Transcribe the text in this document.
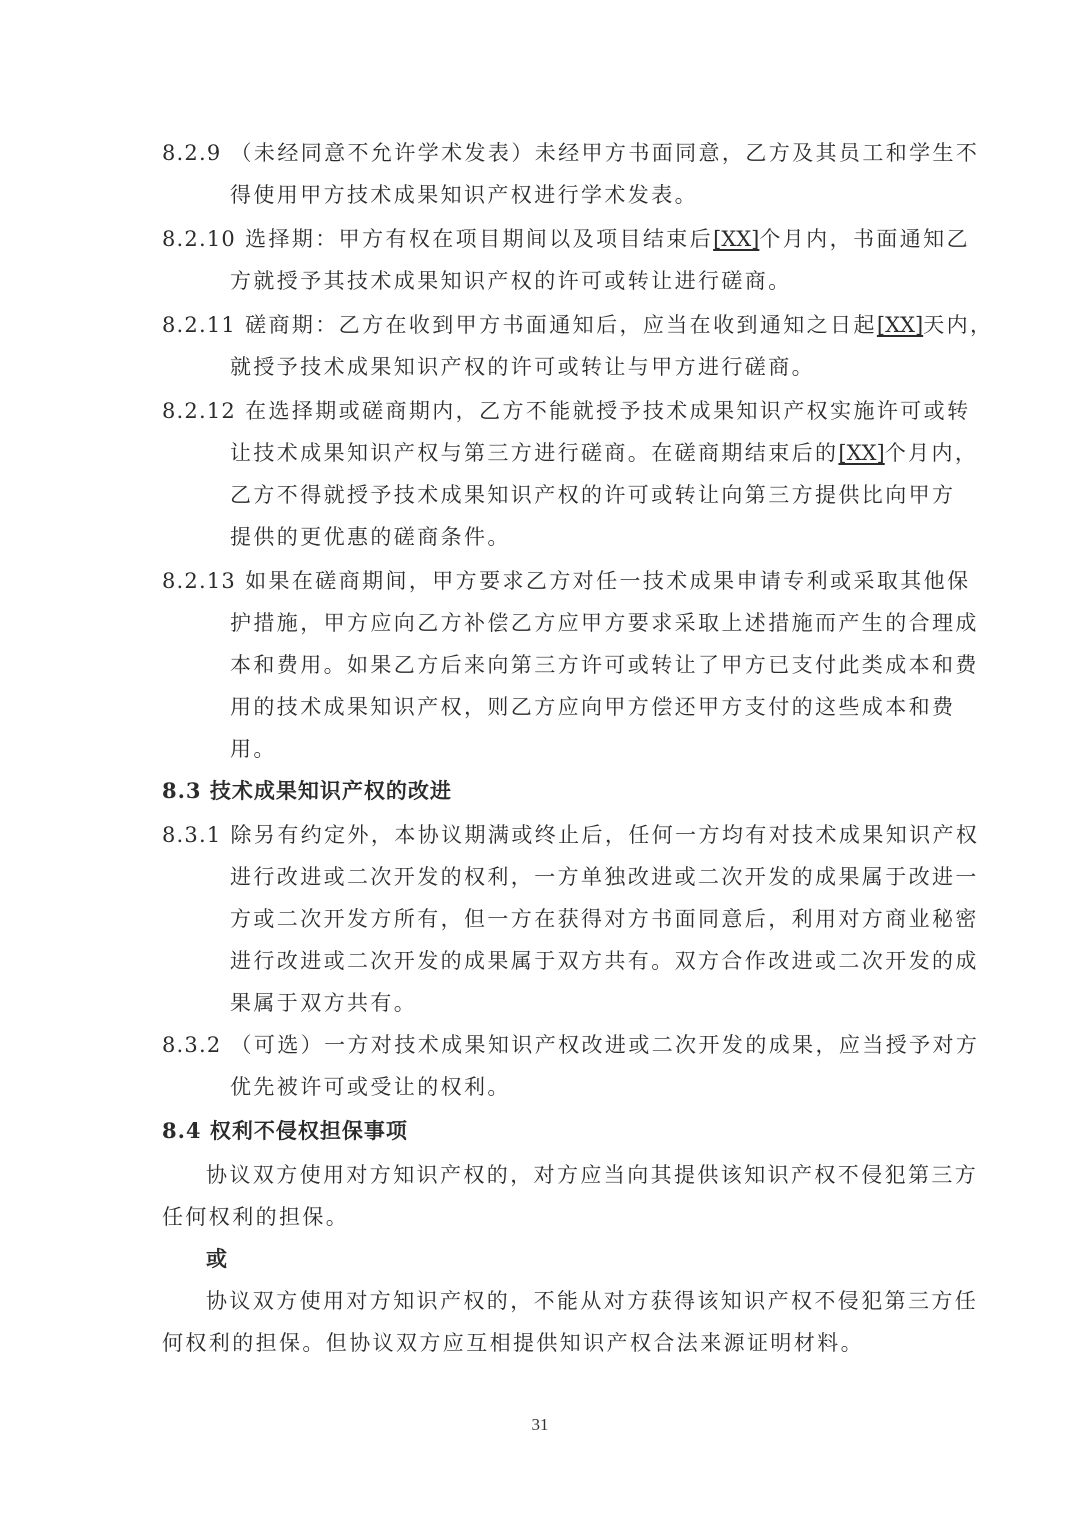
8.2.9 （未经同意不允许学术发表）未经甲方书面同意，乙方及其员工和学生不
得使用甲方技术成果知识产权进行学术发表。
8.2.10 选择期：甲方有权在项目期间以及项目结束后[XX]个月内，书面通知乙
方就授予其技术成果知识产权的许可或转让进行磋商。
8.2.11 磋商期：乙方在收到甲方书面通知后，应当在收到通知之日起[XX]天内，
就授予技术成果知识产权的许可或转让与甲方进行磋商。
8.2.12 在选择期或磋商期内，乙方不能就授予技术成果知识产权实施许可或转
让技术成果知识产权与第三方进行磋商。在磋商期结束后的[XX]个月内，
乙方不得就授予技术成果知识产权的许可或转让向第三方提供比向甲方
提供的更优惠的磋商条件。
8.2.13 如果在磋商期间，甲方要求乙方对任一技术成果申请专利或采取其他保
护措施，甲方应向乙方补偿乙方应甲方要求采取上述措施而产生的合理成
本和费用。如果乙方后来向第三方许可或转让了甲方已支付此类成本和费
用的技术成果知识产权，则乙方应向甲方偿还甲方支付的这些成本和费
用。
8.3 技术成果知识产权的改进
8.3.1 除另有约定外，本协议期满或终止后，任何一方均有对技术成果知识产权
进行改进或二次开发的权利，一方单独改进或二次开发的成果属于改进一
方或二次开发方所有，但一方在获得对方书面同意后，利用对方商业秘密
进行改进或二次开发的成果属于双方共有。双方合作改进或二次开发的成
果属于双方共有。
8.3.2 （可选）一方对技术成果知识产权改进或二次开发的成果，应当授予对方
优先被许可或受让的权利。
8.4 权利不侵权担保事项
协议双方使用对方知识产权的，对方应当向其提供该知识产权不侵犯第三方
任何权利的担保。
或
协议双方使用对方知识产权的，不能从对方获得该知识产权不侵犯第三方任
何权利的担保。但协议双方应互相提供知识产权合法来源证明材料。
31
